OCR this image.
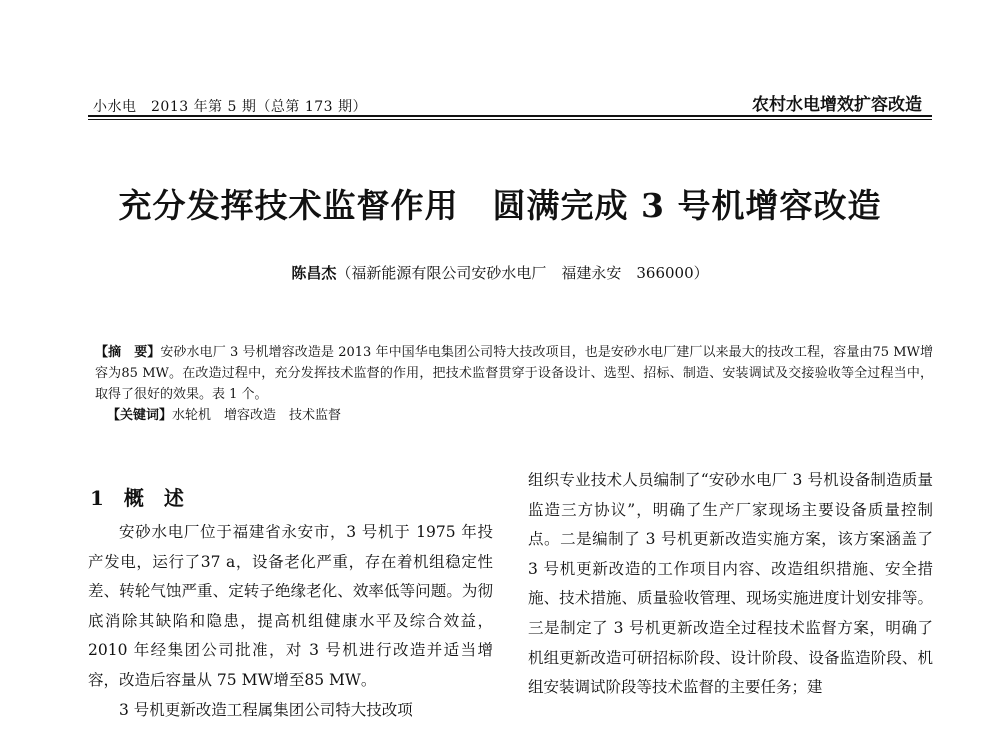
小水电　2013 年第 5 期（总第 173 期）	农村水电增效扩容改造
充分发挥技术监督作用　圆满完成 3 号机增容改造
陈昌杰（福新能源有限公司安砂水电厂　福建永安　366000）

【摘　要】安砂水电厂 3 号机增容改造是 2013 年中国华电集团公司特大技改项目，也是安砂水电厂建厂以来最大的技改工程，容量由75 MW增容为85 MW。在改造过程中，充分发挥技术监督的作用，把技术监督贯穿于设备设计、选型、招标、制造、安装调试及交接验收等全过程当中，取得了很好的效果。表 1 个。

【关键词】水轮机　增容改造　技术监督

1　概　述

安砂水电厂位于福建省永安市，3 号机于 1975 年投产发电，运行了37 a，设备老化严重，存在着机组稳定性差、转轮气蚀严重、定转子绝缘老化、效率低等问题。为彻底消除其缺陷和隐患，提高机组健康水平及综合效益，2010 年经集团公司批准，对 3 号机进行改造并适当增容，改造后容量从 75 MW增至85 MW。

3 号机更新改造工程属集团公司特大技改项

组织专业技术人员编制了“安砂水电厂 3 号机设备制造质量监造三方协议”，明确了生产厂家现场主要设备质量控制点。二是编制了 3 号机更新改造实施方案，该方案涵盖了 3 号机更新改造的工作项目内容、改造组织措施、安全措施、技术措施、质量验收管理、现场实施进度计划安排等。三是制定了 3 号机更新改造全过程技术监督方案，明确了机组更新改造可研招标阶段、设计阶段、设备监造阶段、机组安装调试阶段等技术监督的主要任务；建
